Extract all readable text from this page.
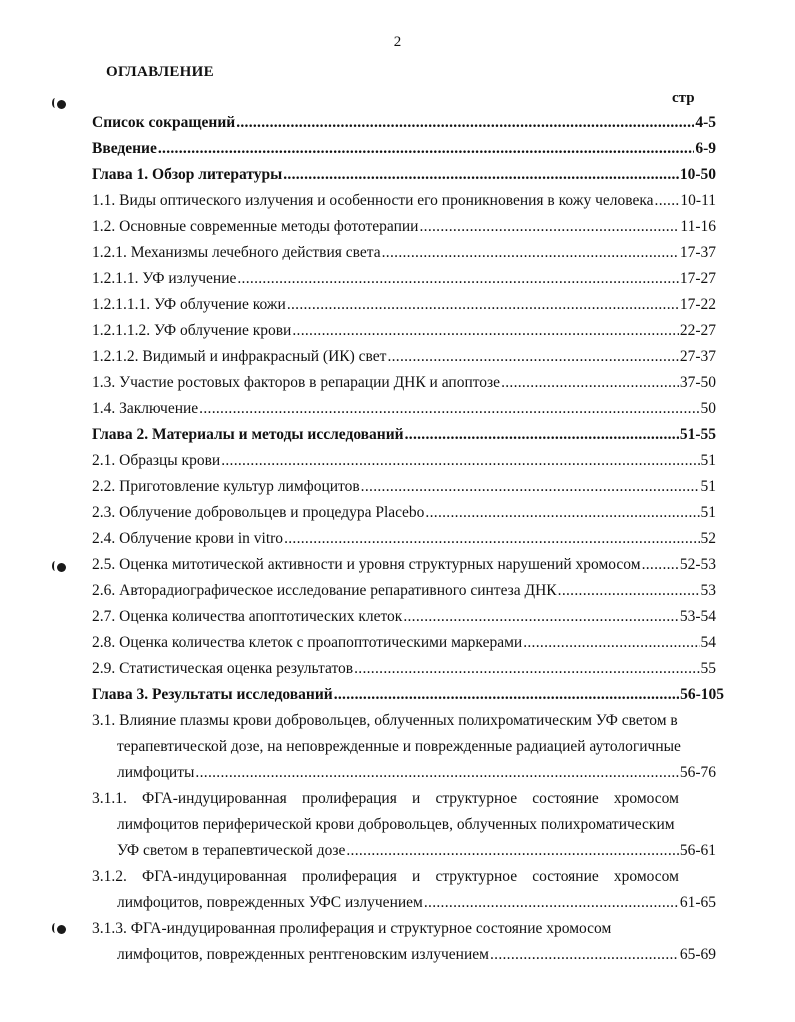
2
ОГЛАВЛЕНИЕ
стр
Список сокращений .....	4-5
Введение .....	6-9
Глава 1. Обзор литературы .....	10-50
1.1. Виды оптического излучения и особенности его проникновения в кожу человека ..... 10-11
1.2. Основные современные методы фототерапии .....	11-16
1.2.1. Механизмы лечебного действия света .....	17-37
1.2.1.1. УФ излучение .....	17-27
1.2.1.1.1. УФ облучение кожи .....	17-22
1.2.1.1.2. УФ облучение крови .....	22-27
1.2.1.2. Видимый и инфракрасный (ИК) свет .....	27-37
1.3. Участие ростовых факторов в репарации ДНК и апоптозе .....	37-50
1.4. Заключение .....	50
Глава 2. Материалы и методы исследований .....	51-55
2.1. Образцы крови .....	51
2.2. Приготовление культур лимфоцитов .....	51
2.3. Облучение добровольцев и процедура Placebo .....	51
2.4. Облучение крови in vitro .....	52
2.5. Оценка митотической активности и уровня структурных нарушений хромосом .....	52-53
2.6. Авторадиографическое исследование репаративного синтеза ДНК .....	53
2.7. Оценка количества апоптотических клеток .....	53-54
2.8. Оценка количества клеток с проапоптотическими маркерами .....	54
2.9. Статистическая оценка результатов .....	55
Глава 3. Результаты исследований .....	56-105
3.1. Влияние плазмы крови добровольцев, облученных полихроматическим УФ светом в
терапевтической дозе, на неповрежденные и поврежденные радиацией аутологичные
лимфоциты .....	56-76
3.1.1. ФГА-индуцированная пролиферация и структурное состояние хромосом
лимфоцитов периферической крови добровольцев, облученных полихроматическим
УФ светом в терапевтической дозе .....	56-61
3.1.2. ФГА-индуцированная пролиферация и структурное состояние хромосом
лимфоцитов, поврежденных УФС излучением .....	61-65
3.1.3. ФГА-индуцированная пролиферация и структурное состояние хромосом
лимфоцитов, поврежденных рентгеновским излучением .....	65-69
